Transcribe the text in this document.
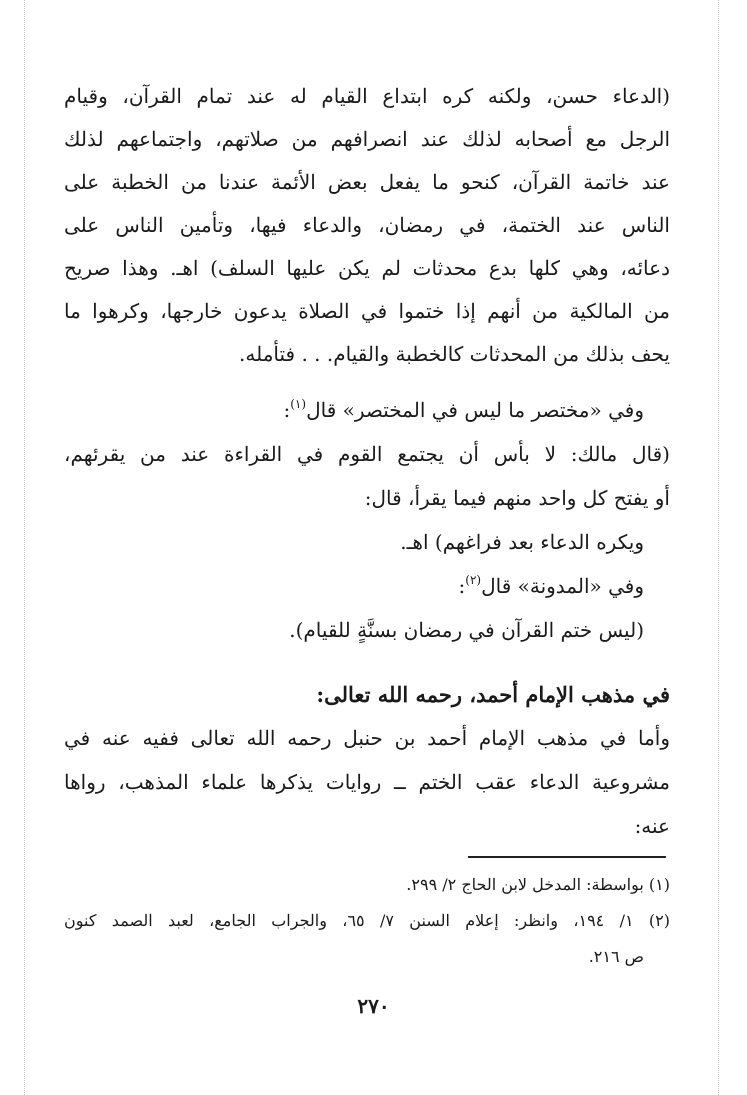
(الدعاء حسن، ولكنه كره ابتداع القيام له عند تمام القرآن، وقيام
الرجل مع أصحابه لذلك عند انصرافهم من صلاتهم، واجتماعهم لذلك
عند خاتمة القرآن، كنحو ما يفعل بعض الأئمة عندنا من الخطبة على
الناس عند الختمة، في رمضان، والدعاء فيها، وتأمين الناس على
دعائه، وهي كلها بدع محدثات لم يكن عليها السلف) اهـ. وهذا صريح
من المالكية من أنهم إذا ختموا في الصلاة يدعون خارجها، وكرهوا ما
يحف بذلك من المحدثات كالخطبة والقيام. . . فتأمله.
وفي «مختصر ما ليس في المختصر» قال$^{(١)}$:
(قال مالك: لا بأس أن يجتمع القوم في القراءة عند من يقرئهم،
أو يفتح كل واحد منهم فيما يقرأ، قال:
ويكره الدعاء بعد فراغهم) اهـ.
وفي «المدونة» قال$^{(٢)}$:
(ليس ختم القرآن في رمضان بسنَّةٍ للقيام).
في مذهب الإمام أحمد، رحمه الله تعالى:
وأما في مذهب الإمام أحمد بن حنبل رحمه الله تعالى ففيه عنه في
مشروعية الدعاء عقب الختم ــ روايات يذكرها علماء المذهب، رواها
عنه:
(١) بواسطة: المدخل لابن الحاج ٢/ ٢٩٩.
(٢) ١/ ١٩٤، وانظر: إعلام السنن ٧/ ٦٥، والجراب الجامع، لعبد الصمد كنون
ص ٢١٦.
٢٧٠
